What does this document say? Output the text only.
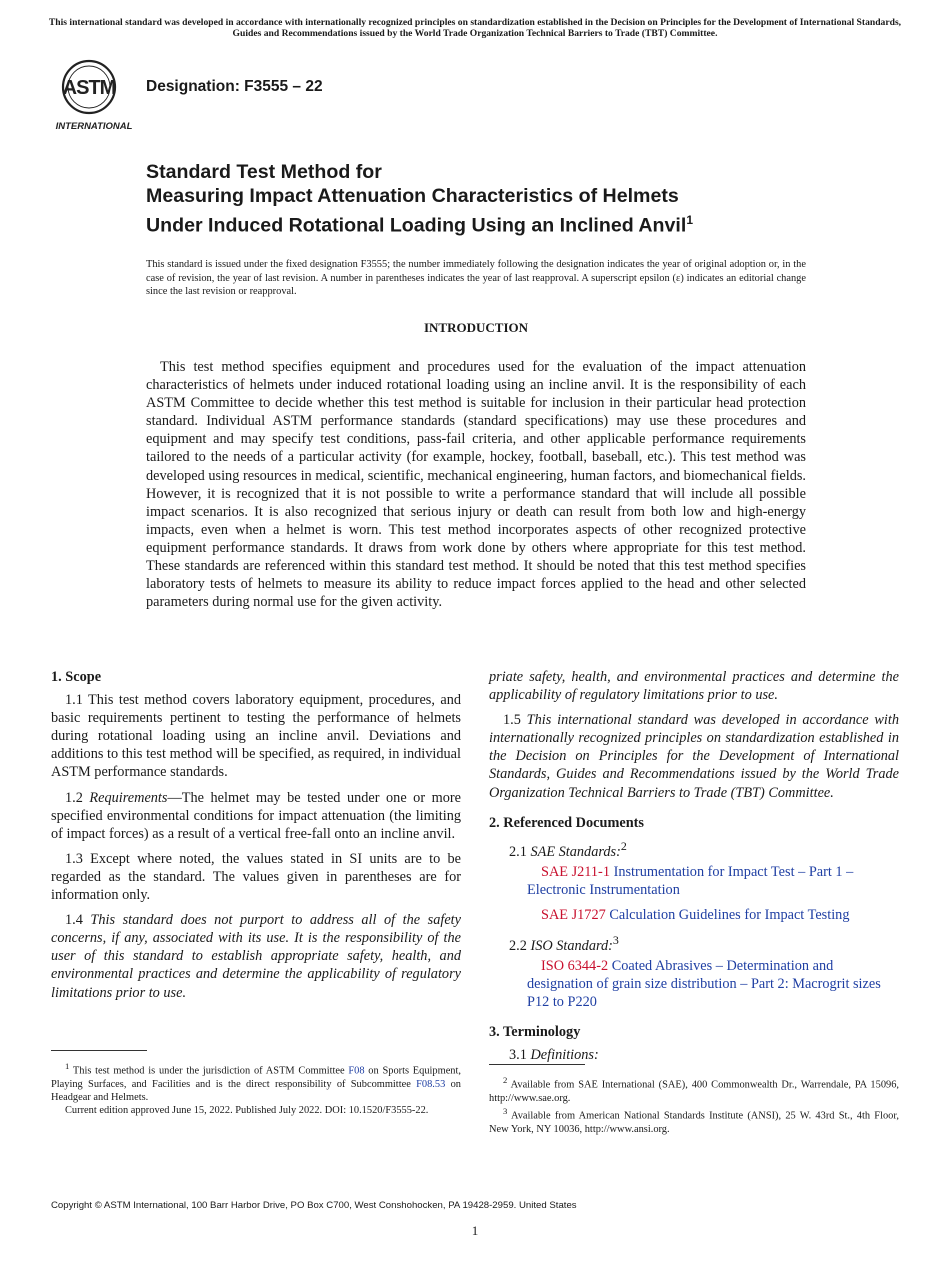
This international standard was developed in accordance with internationally recognized principles on standardization established in the Decision on Principles for the Development of International Standards, Guides and Recommendations issued by the World Trade Organization Technical Barriers to Trade (TBT) Committee.
ASTM
INTERNATIONAL
Designation: F3555 – 22
Standard Test Method for
Measuring Impact Attenuation Characteristics of Helmets
Under Induced Rotational Loading Using an Inclined Anvil$^1$
This standard is issued under the fixed designation F3555; the number immediately following the designation indicates the year of original adoption or, in the case of revision, the year of last revision. A number in parentheses indicates the year of last reapproval. A superscript epsilon (ε) indicates an editorial change since the last revision or reapproval.
INTRODUCTION

This test method specifies equipment and procedures used for the evaluation of the impact attenuation characteristics of helmets under induced rotational loading using an incline anvil. It is the responsibility of each ASTM Committee to decide whether this test method is suitable for inclusion in their particular head protection standard. Individual ASTM performance standards (standard specifications) may use these procedures and equipment and may specify test conditions, pass-fail criteria, and other applicable performance requirements tailored to the needs of a particular activity (for example, hockey, football, baseball, etc.). This test method was developed using resources in medical, scientific, mechanical engineering, human factors, and biomechanical fields. However, it is recognized that it is not possible to write a performance standard that will include all possible impact scenarios. It is also recognized that serious injury or death can result from both low and high-energy impacts, even when a helmet is worn. This test method incorporates aspects of other recognized protective equipment performance standards. It draws from work done by others where appropriate for this test method. These standards are referenced within this standard test method. It should be noted that this test method specifies laboratory tests of helmets to measure its ability to reduce impact forces applied to the head and other selected parameters during normal use for the given activity.

1. Scope

1.1 This test method covers laboratory equipment, procedures, and basic requirements pertinent to testing the performance of helmets during rotational loading using an incline anvil. Deviations and additions to this test method will be specified, as required, in individual ASTM performance standards.

1.2 Requirements—The helmet may be tested under one or more specified environmental conditions for impact attenuation (the limiting of impact forces) as a result of a vertical free-fall onto an incline anvil.

1.3 Except where noted, the values stated in SI units are to be regarded as the standard. The values given in parentheses are for information only.

1.4 This standard does not purport to address all of the safety concerns, if any, associated with its use. It is the responsibility of the user of this standard to establish appropriate safety, health, and environmental practices and determine the applicability of regulatory limitations prior to use.

$^1$ This test method is under the jurisdiction of ASTM Committee F08 on Sports Equipment, Playing Surfaces, and Facilities and is the direct responsibility of Subcommittee F08.53 on Headgear and Helmets.

Current edition approved June 15, 2022. Published July 2022. DOI: 10.1520/F3555-22.

priate safety, health, and environmental practices and determine the applicability of regulatory limitations prior to use.

1.5 This international standard was developed in accordance with internationally recognized principles on standardization established in the Decision on Principles for the Development of International Standards, Guides and Recommendations issued by the World Trade Organization Technical Barriers to Trade (TBT) Committee.

2. Referenced Documents

2.1 SAE Standards:$^2$

SAE J211-1 Instrumentation for Impact Test – Part 1 – Electronic Instrumentation

SAE J1727 Calculation Guidelines for Impact Testing

2.2 ISO Standard:$^3$

ISO 6344-2 Coated Abrasives – Determination and designation of grain size distribution – Part 2: Macrogrit sizes P12 to P220

3. Terminology

3.1 Definitions:

$^2$ Available from SAE International (SAE), 400 Commonwealth Dr., Warrendale, PA 15096, http://www.sae.org.

$^3$ Available from American National Standards Institute (ANSI), 25 W. 43rd St., 4th Floor, New York, NY 10036, http://www.ansi.org.

Copyright © ASTM International, 100 Barr Harbor Drive, PO Box C700, West Conshohocken, PA 19428-2959. United States
1
